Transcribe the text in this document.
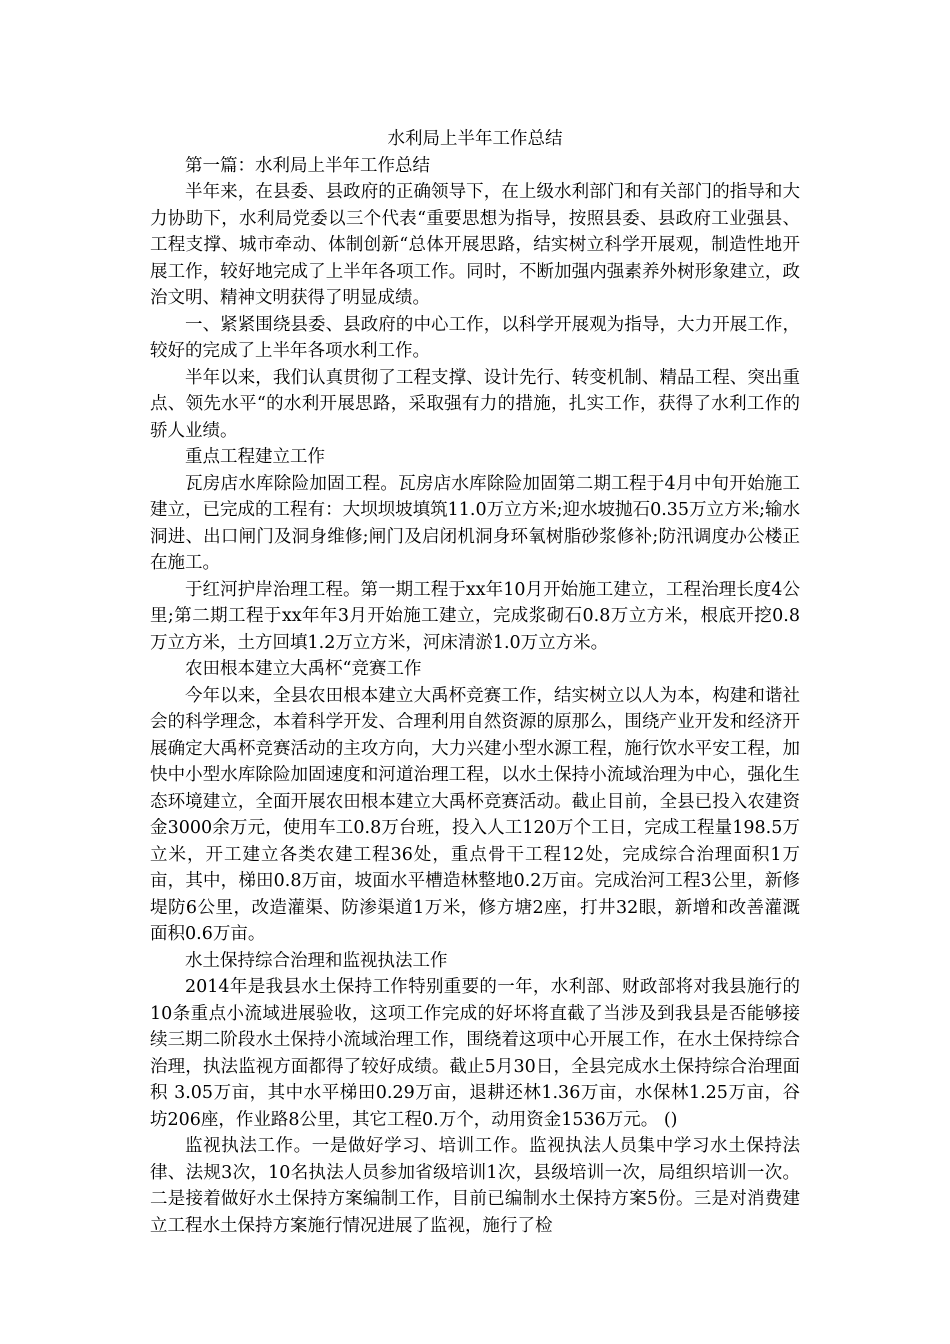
水利局上半年工作总结

第一篇：水利局上半年工作总结

半年来，在县委、县政府的正确领导下，在上级水利部门和有关部门的指导和大力协助下，水利局党委以三个代表“重要思想为指导，按照县委、县政府工业强县、工程支撑、城市牵动、体制创新“总体开展思路，结实树立科学开展观，制造性地开展工作，较好地完成了上半年各项工作。同时，不断加强内强素养外树形象建立，政治文明、精神文明获得了明显成绩。

一、紧紧围绕县委、县政府的中心工作，以科学开展观为指导，大力开展工作，较好的完成了上半年各项水利工作。

半年以来，我们认真贯彻了工程支撑、设计先行、转变机制、精品工程、突出重点、领先水平“的水利开展思路，采取强有力的措施，扎实工作，获得了水利工作的骄人业绩。

重点工程建立工作

瓦房店水库除险加固工程。瓦房店水库除险加固第二期工程于4月中旬开始施工建立，已完成的工程有：大坝坝坡填筑11.0万立方米;迎水坡抛石0.35万立方米;输水洞进、出口闸门及洞身维修;闸门及启闭机洞身环氧树脂砂浆修补;防汛调度办公楼正在施工。

于红河护岸治理工程。第一期工程于xx年10月开始施工建立，工程治理长度4公里;第二期工程于xx年年3月开始施工建立，完成浆砌石0.8万立方米，根底开挖0.8万立方米，土方回填1.2万立方米，河床清淤1.0万立方米。

农田根本建立大禹杯“竞赛工作

今年以来，全县农田根本建立大禹杯竞赛工作，结实树立以人为本，构建和谐社会的科学理念，本着科学开发、合理利用自然资源的原那么，围绕产业开发和经济开展确定大禹杯竞赛活动的主攻方向，大力兴建小型水源工程，施行饮水平安工程，加快中小型水库除险加固速度和河道治理工程，以水土保持小流域治理为中心，强化生态环境建立，全面开展农田根本建立大禹杯竞赛活动。截止目前，全县已投入农建资金3000余万元，使用车工0.8万台班，投入人工120万个工日，完成工程量198.5万立米，开工建立各类农建工程36处，重点骨干工程12处，完成综合治理面积1万亩，其中，梯田0.8万亩，坡面水平槽造林整地0.2万亩。完成治河工程3公里，新修堤防6公里，改造灌渠、防渗渠道1万米，修方塘2座，打井32眼，新增和改善灌溉面积0.6万亩。

水土保持综合治理和监视执法工作

2014年是我县水土保持工作特别重要的一年，水利部、财政部将对我县施行的10条重点小流域进展验收，这项工作完成的好坏将直截了当涉及到我县是否能够接续三期二阶段水土保持小流域治理工作，围绕着这项中心开展工作，在水土保持综合治理，执法监视方面都得了较好成绩。截止5月30日，全县完成水土保持综合治理面积 3.05万亩，其中水平梯田0.29万亩，退耕还林1.36万亩，水保林1.25万亩，谷坊206座，作业路8公里，其它工程0.万个，动用资金1536万元。 ()

监视执法工作。一是做好学习、培训工作。监视执法人员集中学习水土保持法律、法规3次，10名执法人员参加省级培训1次，县级培训一次，局组织培训一次。二是接着做好水土保持方案编制工作，目前已编制水土保持方案5份。三是对消费建立工程水土保持方案施行情况进展了监视，施行了检
